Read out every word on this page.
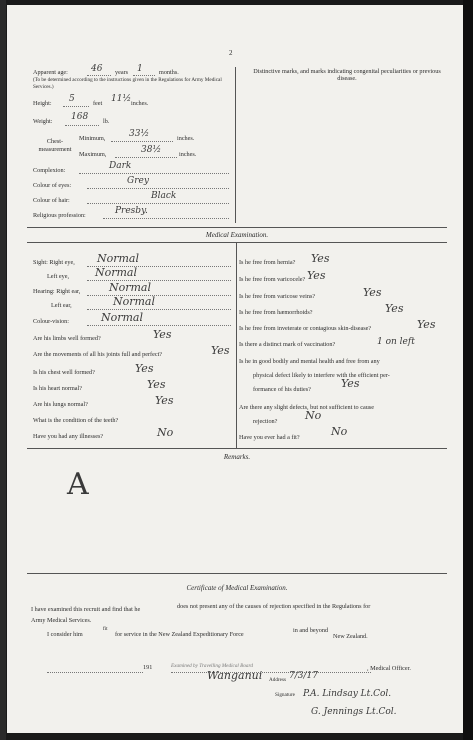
2
Apparent age:	46 years 1	months.
(To be determined according to the instructions given in the Regulations for Army Medical Services.)
Distinctive marks, and marks indicating congenital peculiarities or previous disease.
Height: 5	feet 11½ inches.
Weight: 168 lb.
Chest-measurement
Minimum,	33½	inches.
Maximum,	38½	inches.
Complexion:	Dark
Colour of eyes:	Grey
Colour of hair:	Black
Religious profession:	Presby.
Medical Examination.
Is he in good bodily and mental health and free from any
physical defect likely to interfere with the efficient per-
formance of his duties?	Yes
Are there any slight defects, but not sufficient to cause
rejection?	No
Have you ever had a fit?	No
Remarks.
A
Certificate of Medical Examination.
I have examined this recruit and find that he	does not present any of the causes of rejection specified in the Regulations for
Army Medical Services.
I consider him
fit
for service in the New Zealand Expeditionary Force
in and beyond
New Zealand.
191	Examined by Travelling Medical Board	, Medical Officer.
Wanganui Address 7/3/17
Signature P.A. Lindsay Lt.Col.
G. Jennings Lt.Col.
Sight: Right eye, Normal
Left eye, Normal
Hearing: Right ear,	Normal
Left ear,	Normal
Colour-vision:	Normal
Are his limbs well formed?	Yes
Are the movements of all his joints full and perfect?	Yes
Is his chest well formed?	Yes
Is his heart normal?	Yes
Are his lungs normal?	Yes
What is the condition of the teeth?
Have you had any illnesses?	No
Is he free from hernia? Yes
Is he free from varicocele? Yes
Is he free from varicose veins?	Yes
Is he free from hæmorrhoids?	Yes
Is he free from inveterate or contagious skin-disease?	Yes
Is there a distinct mark of vaccination?	1 on left
